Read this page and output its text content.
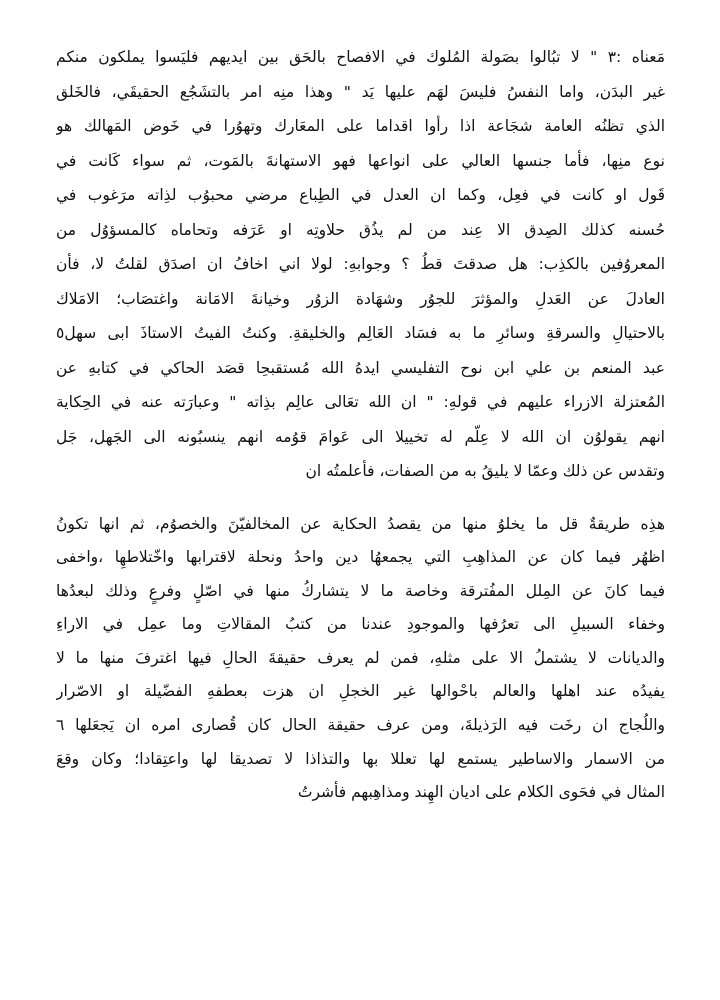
مَعناه :٣ " لا تبُالوا بصَولة المُلوك في الافصاح بالحَق بين ايديهم فليَسوا يملكون منكم
غير البدَن، واما النفسُ فليسَ لهَم عليها يَد " وهذا منِه امر بالتشَجُع الحقيقَي، فالخَلق
الذي تظنُه العامة شجَاعة اذا رأوا اقداما على المعَارك وتهوُرا في خَوض المَهالك هو
نوع منِها، فأما جنسها العالي على انواعها فهو الاستهانةَ بالمَوت، ثم سواء كَانت في
قَول او كانت في فعِل، وكما ان العدل في الطِباع مرضي محبوُب لذِاته مرَغوب في
حُسنه كذلك الصِدق الا عِند من لم يذُق حلاوتِه او عَرَفه وتحاماه كالمسؤوُل من
المعروُفين بالكذِب: هل صدقتَ قطُ ؟ وجوابهِ: لولا اني اخافُ ان اصدَق لقلتُ لا، فأن
العادلَ عن العَدلِ والمؤثرَ للجوُر وشهَادة الزوُر وخيانةَ الامَانة واغتصَاب؛ الامَلاك
بالاحتيالِ والسرقةِ وسائرِ ما به فسَاد العَالِم والخليقةِ. وكنتُ الفيتُ الاستاذَ ابى سهل٥
عبد المنعم بن علي ابن نوح التفليسي ايدهُ الله مُستقبحِا قصَد الحاكي في كتابهِ عن
المُعتزلة الازراء عليهم في قولهِ: " ان الله تعَالى عالِم بذِاته " وعبارَته عنه في الحِكاية
انهم يقولوُن ان الله لا عِلّم له تخييلا الى عَوامَ قوُمه انهم ينسبُونه الى الجَهل، جَل
وتقدس عن ذلك وعمّا لا يليقُ به من الصفات، فأعلمتُه ان
هذِه طريقةٌ قل ما يخلوُ منها من يقصدُ الحكاية عن المخالفيّنَ والخصوُم، ثم انها تكونُ
اظهُر فيما كان عن المذاهِبِ التي يجمعهُا دين واحدُ ونحلة لاقترابها واخّتلاطهِا ،واخفى
فيما كانَ عن المِلل المفُترقة وخاصة ما لا يتشاركُ منها في اصّلٍ وفرعٍ وذلك لبعدُها
وخفاء السبيلِ الى تعرُفها والموجودِ عندنا من كتبُ المقالاتِ وما عمِل في الاراءِ
والديانات لا يشتملُ الا على مثلهِ، فمن لم يعرف حقيقةَ الحالِ فيها اغترفَ منها ما لا
يفيدُه عند اهلها والعالم باحْوالها غير الخجلِ ان هزت بعطفهِ الفضّيلة او الاصّرار
واللُجاج ان رخَت فيه الرَذيلةَ، ومن عرف حقيقة الحال كان قُصارى امره ان يَجعَلها ٦
من الاسمار والاساطير يستمع لها تعللا بها والتذاذا لا تصديقا لها واعتِقادا؛ وكان وقعَ
المثال في فحَوى الكلام على اديان الهِند ومذاهِبهم فأشرتُ
